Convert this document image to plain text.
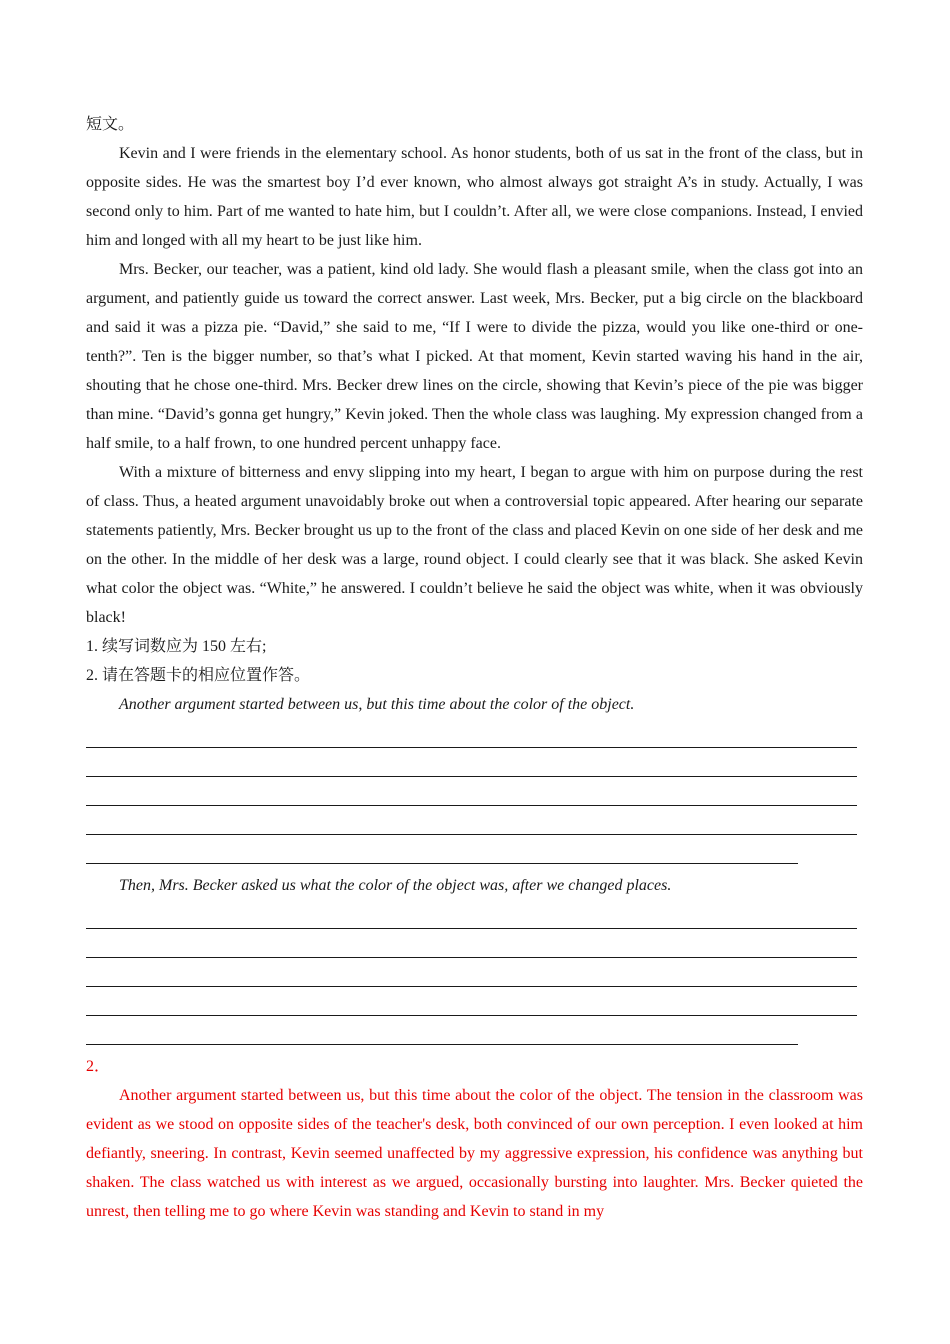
短文。

Kevin and I were friends in the elementary school. As honor students, both of us sat in the front of the class, but in opposite sides. He was the smartest boy I’d ever known, who almost always got straight A’s in study. Actually, I was second only to him. Part of me wanted to hate him, but I couldn’t. After all, we were close companions. Instead, I envied him and longed with all my heart to be just like him.

Mrs. Becker, our teacher, was a patient, kind old lady. She would flash a pleasant smile, when the class got into an argument, and patiently guide us toward the correct answer. Last week, Mrs. Becker, put a big circle on the blackboard and said it was a pizza pie. “David,” she said to me, “If I were to divide the pizza, would you like one-third or one-tenth?”. Ten is the bigger number, so that’s what I picked. At that moment, Kevin started waving his hand in the air, shouting that he chose one-third. Mrs. Becker drew lines on the circle, showing that Kevin’s piece of the pie was bigger than mine. “David’s gonna get hungry,” Kevin joked. Then the whole class was laughing. My expression changed from a half smile, to a half frown, to one hundred percent unhappy face.

With a mixture of bitterness and envy slipping into my heart, I began to argue with him on purpose during the rest of class. Thus, a heated argument unavoidably broke out when a controversial topic appeared. After hearing our separate statements patiently, Mrs. Becker brought us up to the front of the class and placed Kevin on one side of her desk and me on the other. In the middle of her desk was a large, round object. I could clearly see that it was black. She asked Kevin what color the object was. “White,” he answered. I couldn’t believe he said the object was white, when it was obviously black!

1. 续写词数应为 150 左右;

2. 请在答题卡的相应位置作答。

Another argument started between us, but this time about the color of the object.

Then, Mrs. Becker asked us what the color of the object was, after we changed places.

2．

Another argument started between us, but this time about the color of the object. The tension in the classroom was evident as we stood on opposite sides of the teacher's desk, both convinced of our own perception. I even looked at him defiantly, sneering. In contrast, Kevin seemed unaffected by my aggressive expression, his confidence was anything but shaken. The class watched us with interest as we argued, occasionally bursting into laughter. Mrs. Becker quieted the unrest, then telling me to go where Kevin was standing and Kevin to stand in my
